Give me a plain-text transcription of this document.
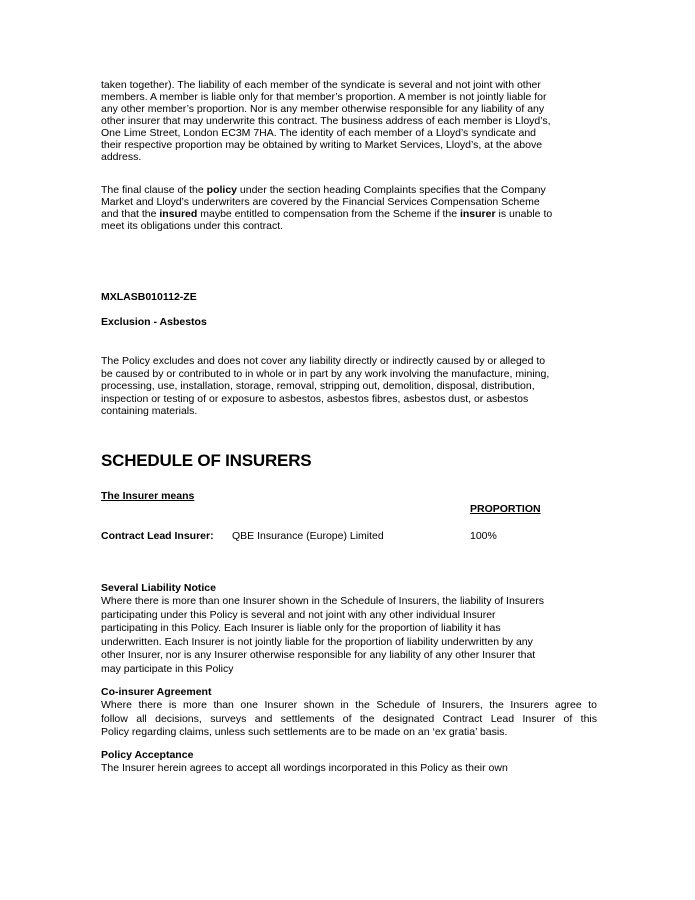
taken together). The liability of each member of the syndicate is several and not joint with other
members. A member is liable only for that member’s proportion. A member is not jointly liable for
any other member’s proportion. Nor is any member otherwise responsible for any liability of any
other insurer that may underwrite this contract. The business address of each member is Lloyd’s,
One Lime Street, London EC3M 7HA. The identity of each member of a Lloyd’s syndicate and
their respective proportion may be obtained by writing to Market Services, Lloyd’s, at the above
address.
The final clause of the policy under the section heading Complaints specifies that the Company
Market and Lloyd’s underwriters are covered by the Financial Services Compensation Scheme
and that the insured maybe entitled to compensation from the Scheme if the insurer is unable to
meet its obligations under this contract.
MXLASB010112-ZE
Exclusion - Asbestos
The Policy excludes and does not cover any liability directly or indirectly caused by or alleged to
be caused by or contributed to in whole or in part by any work involving the manufacture, mining,
processing, use, installation, storage, removal, stripping out, demolition, disposal, distribution,
inspection or testing of or exposure to asbestos, asbestos fibres, asbestos dust, or asbestos
containing materials.
SCHEDULE OF INSURERS
The Insurer means
PROPORTION
Contract Lead Insurer: QBE Insurance (Europe) Limited	100%
Several Liability Notice
Where there is more than one Insurer shown in the Schedule of Insurers, the liability of Insurers
participating under this Policy is several and not joint with any other individual Insurer
participating in this Policy. Each Insurer is liable only for the proportion of liability it has
underwritten. Each Insurer is not jointly liable for the proportion of liability underwritten by any
other Insurer, nor is any Insurer otherwise responsible for any liability of any other Insurer that
may participate in this Policy
Co-insurer Agreement
Where there is more than one Insurer shown in the Schedule of Insurers, the Insurers agree to
follow all decisions, surveys and settlements of the designated Contract Lead Insurer of this
Policy regarding claims, unless such settlements are to be made on an ‘ex gratia’ basis.
Policy Acceptance
The Insurer herein agrees to accept all wordings incorporated in this Policy as their own
